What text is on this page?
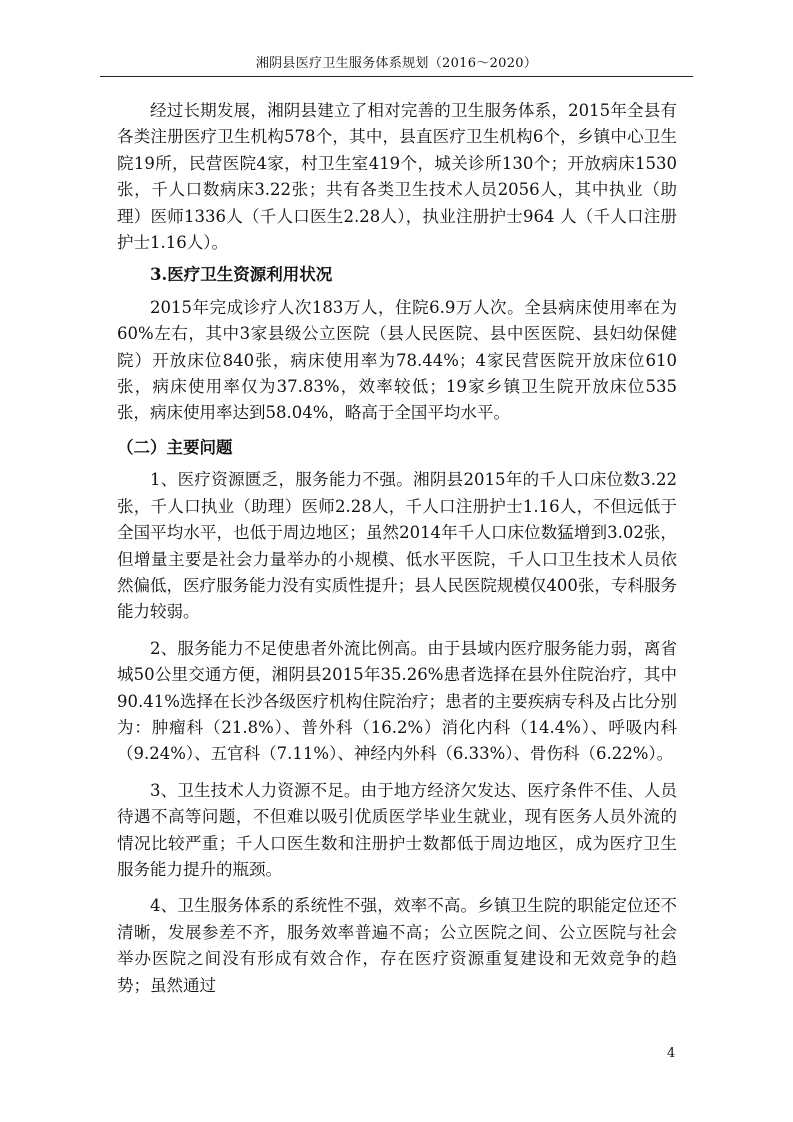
湘阴县医疗卫生服务体系规划（2016～2020）

经过长期发展，湘阴县建立了相对完善的卫生服务体系，2015年全县有各类注册医疗卫生机构578个，其中，县直医疗卫生机构6个，乡镇中心卫生院19所，民营医院4家，村卫生室419个，城关诊所130个；开放病床1530张，千人口数病床3.22张；共有各类卫生技术人员2056人，其中执业（助理）医师1336人（千人口医生2.28人），执业注册护士964 人（千人口注册护士1.16人）。

3.医疗卫生资源利用状况

2015年完成诊疗人次183万人，住院6.9万人次。全县病床使用率在为60%左右，其中3家县级公立医院（县人民医院、县中医医院、县妇幼保健院）开放床位840张，病床使用率为78.44%；4家民营医院开放床位610张，病床使用率仅为37.83%，效率较低；19家乡镇卫生院开放床位535张，病床使用率达到58.04%，略高于全国平均水平。

（二）主要问题

1、医疗资源匮乏，服务能力不强。湘阴县2015年的千人口床位数3.22张，千人口执业（助理）医师2.28人，千人口注册护士1.16人，不但远低于全国平均水平，也低于周边地区；虽然2014年千人口床位数猛增到3.02张，但增量主要是社会力量举办的小规模、低水平医院，千人口卫生技术人员依然偏低，医疗服务能力没有实质性提升；县人民医院规模仅400张，专科服务能力较弱。

2、服务能力不足使患者外流比例高。由于县域内医疗服务能力弱，离省城50公里交通方便，湘阴县2015年35.26%患者选择在县外住院治疗，其中90.41%选择在长沙各级医疗机构住院治疗；患者的主要疾病专科及占比分别为：肿瘤科（21.8%）、普外科（16.2%）消化内科（14.4%）、呼吸内科（9.24%）、五官科（7.11%）、神经内外科（6.33%）、骨伤科（6.22%）。

3、卫生技术人力资源不足。由于地方经济欠发达、医疗条件不佳、人员待遇不高等问题，不但难以吸引优质医学毕业生就业，现有医务人员外流的情况比较严重；千人口医生数和注册护士数都低于周边地区，成为医疗卫生服务能力提升的瓶颈。

4、卫生服务体系的系统性不强，效率不高。乡镇卫生院的职能定位还不清晰，发展参差不齐，服务效率普遍不高；公立医院之间、公立医院与社会举办医院之间没有形成有效合作，存在医疗资源重复建设和无效竞争的趋势；虽然通过

4
